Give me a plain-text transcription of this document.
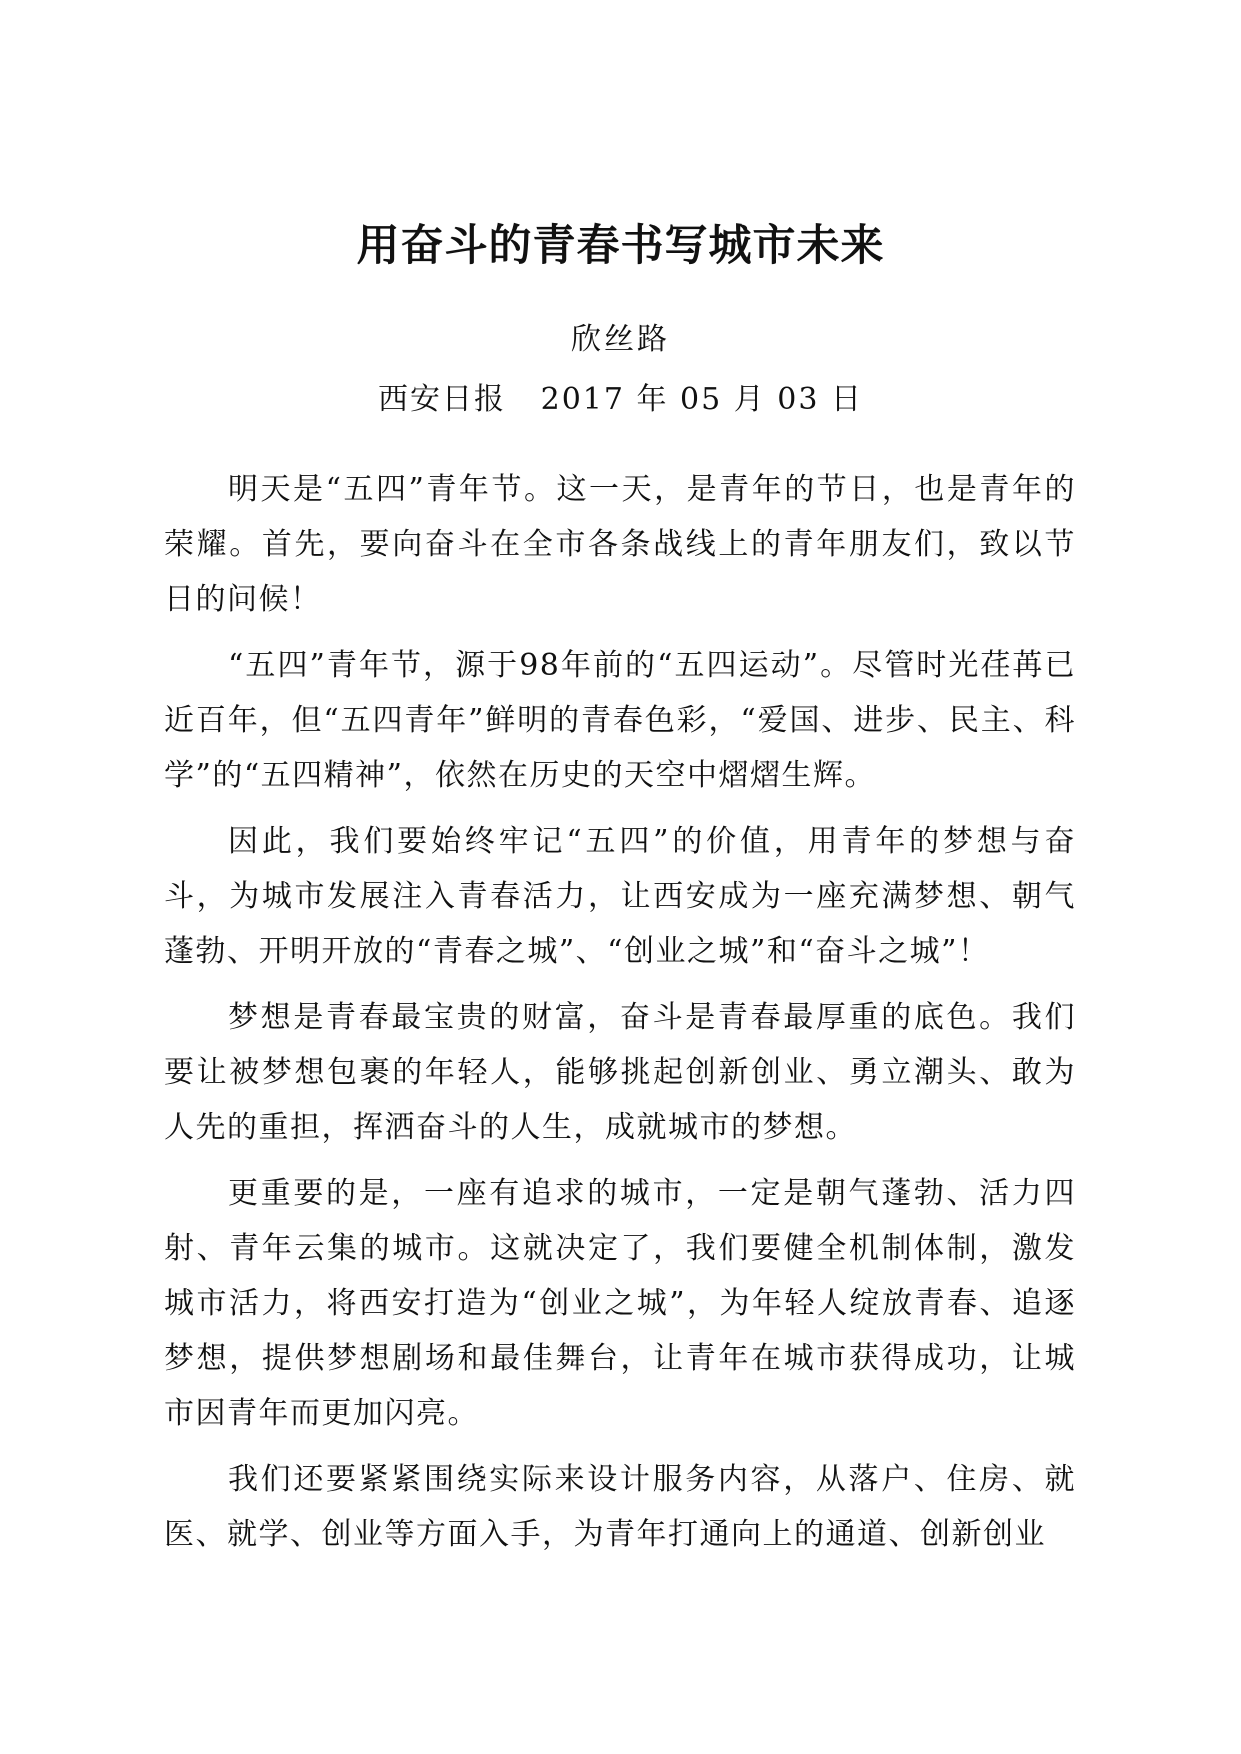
用奋斗的青春书写城市未来
欣丝路
西安日报 2017 年 05 月 03 日

明天是“五四”青年节。这一天，是青年的节日，也是青年的荣耀。首先，要向奋斗在全市各条战线上的青年朋友们，致以节日的问候！

“五四”青年节，源于98年前的“五四运动”。尽管时光荏苒已近百年，但“五四青年”鲜明的青春色彩，“爱国、进步、民主、科学”的“五四精神”，依然在历史的天空中熠熠生辉。

因此，我们要始终牢记“五四”的价值，用青年的梦想与奋斗，为城市发展注入青春活力，让西安成为一座充满梦想、朝气蓬勃、开明开放的“青春之城”、“创业之城”和“奋斗之城”！

梦想是青春最宝贵的财富，奋斗是青春最厚重的底色。我们要让被梦想包裹的年轻人，能够挑起创新创业、勇立潮头、敢为人先的重担，挥洒奋斗的人生，成就城市的梦想。

更重要的是，一座有追求的城市，一定是朝气蓬勃、活力四射、青年云集的城市。这就决定了，我们要健全机制体制，激发城市活力，将西安打造为“创业之城”，为年轻人绽放青春、追逐梦想，提供梦想剧场和最佳舞台，让青年在城市获得成功，让城市因青年而更加闪亮。

我们还要紧紧围绕实际来设计服务内容，从落户、住房、就医、就学、创业等方面入手，为青年打通向上的通道、创新创业
